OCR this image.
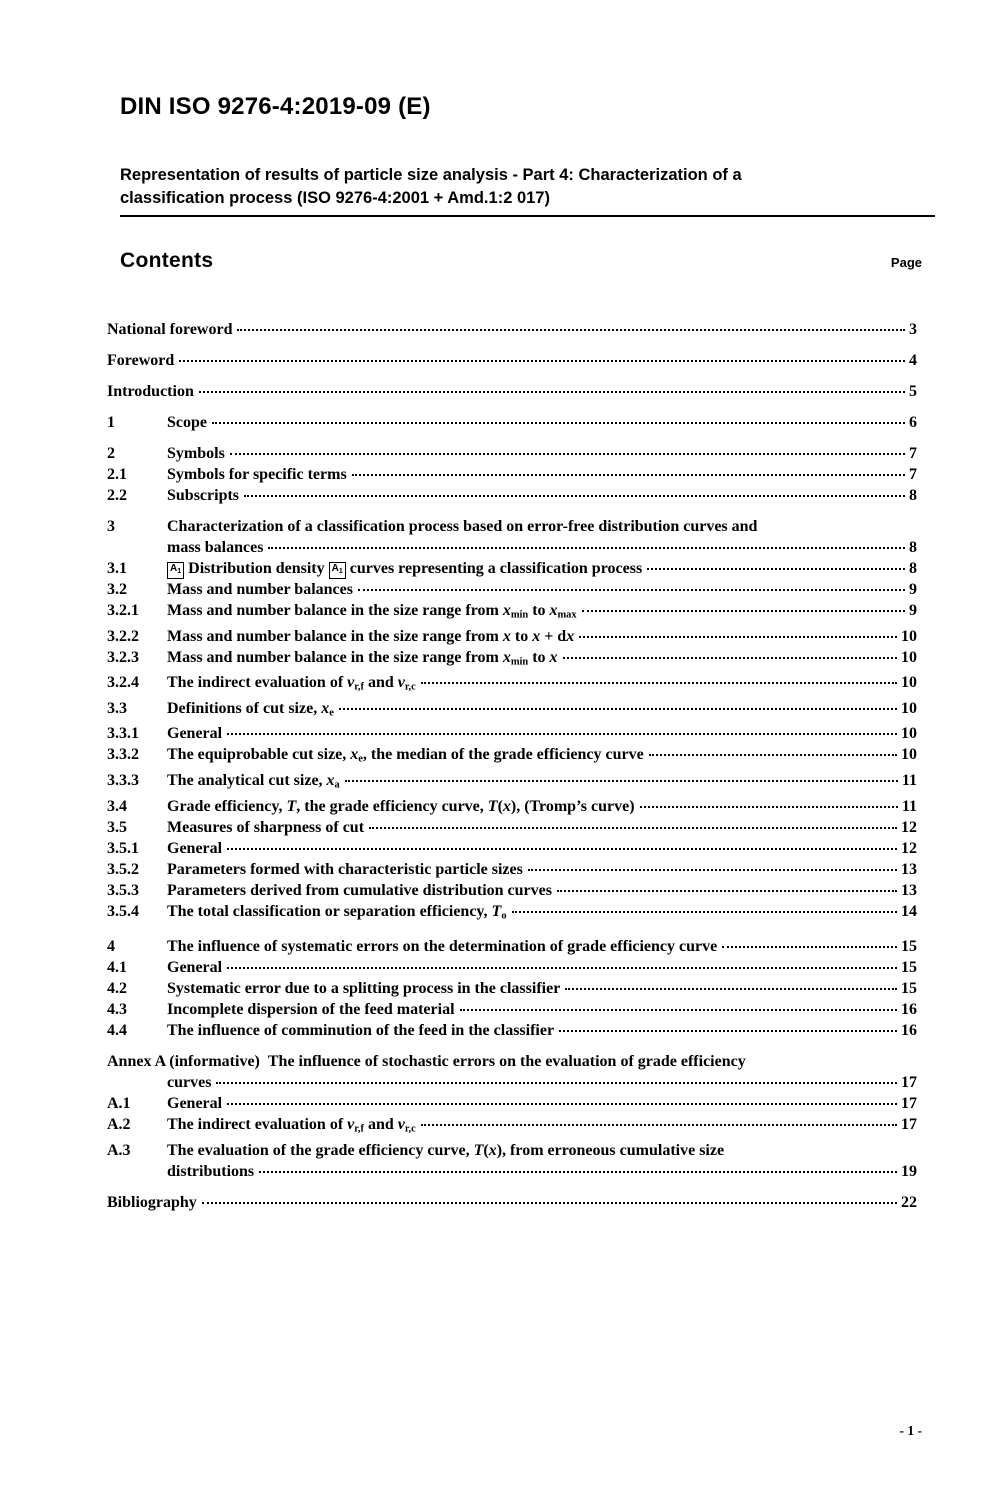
DIN ISO 9276-4:2019-09 (E)
Representation of results of particle size analysis - Part 4: Characterization of a
classification process (ISO 9276-4:2001 + Amd.1:2 017)
Contents	Page
National foreword	3
Foreword	4
Introduction	5
1	Scope	6
2	Symbols	7
2.1	Symbols for specific terms	7
2.2	Subscripts	8
3	Characterization of a classification process based on error-free distribution curves and
mass balances	8
3.1	$A_1$ Distribution density $A_1$ curves representing a classification process	8
3.2	Mass and number balances	9
3.2.1	Mass and number balance in the size range from $x_{min}$ to $x_{max}$	9
3.2.2	Mass and number balance in the size range from x to x + dx	10
3.2.3	Mass and number balance in the size range from $x_{min}$ to x	10
3.2.4	The indirect evaluation of $v_{r,f}$ and $v_{r,c}$	10
3.3	Definitions of cut size, $x_e$	10
3.3.1	General	10
3.3.2	The equiprobable cut size, $x_e$, the median of the grade efficiency curve	10
3.3.3	The analytical cut size, $x_a$	11
3.4	Grade efficiency, T, the grade efficiency curve, T(x), (Tromp’s curve)	11
3.5	Measures of sharpness of cut	12
3.5.1	General	12
3.5.2	Parameters formed with characteristic particle sizes	13
3.5.3	Parameters derived from cumulative distribution curves	13
3.5.4	The total classification or separation efficiency, $T_o$	14
4	The influence of systematic errors on the determination of grade efficiency curve	15
4.1	General	15
4.2	Systematic error due to a splitting process in the classifier	15
4.3	Incomplete dispersion of the feed material	16
4.4	The influence of comminution of the feed in the classifier	16
Annex A (informative) The influence of stochastic errors on the evaluation of grade efficiency
curves	17
A.1	General	17
A.2	The indirect evaluation of $v_{r,f}$ and $v_{r,c}$	17
A.3	The evaluation of the grade efficiency curve, T(x), from erroneous cumulative size
distributions	19
Bibliography	22
- 1 -
